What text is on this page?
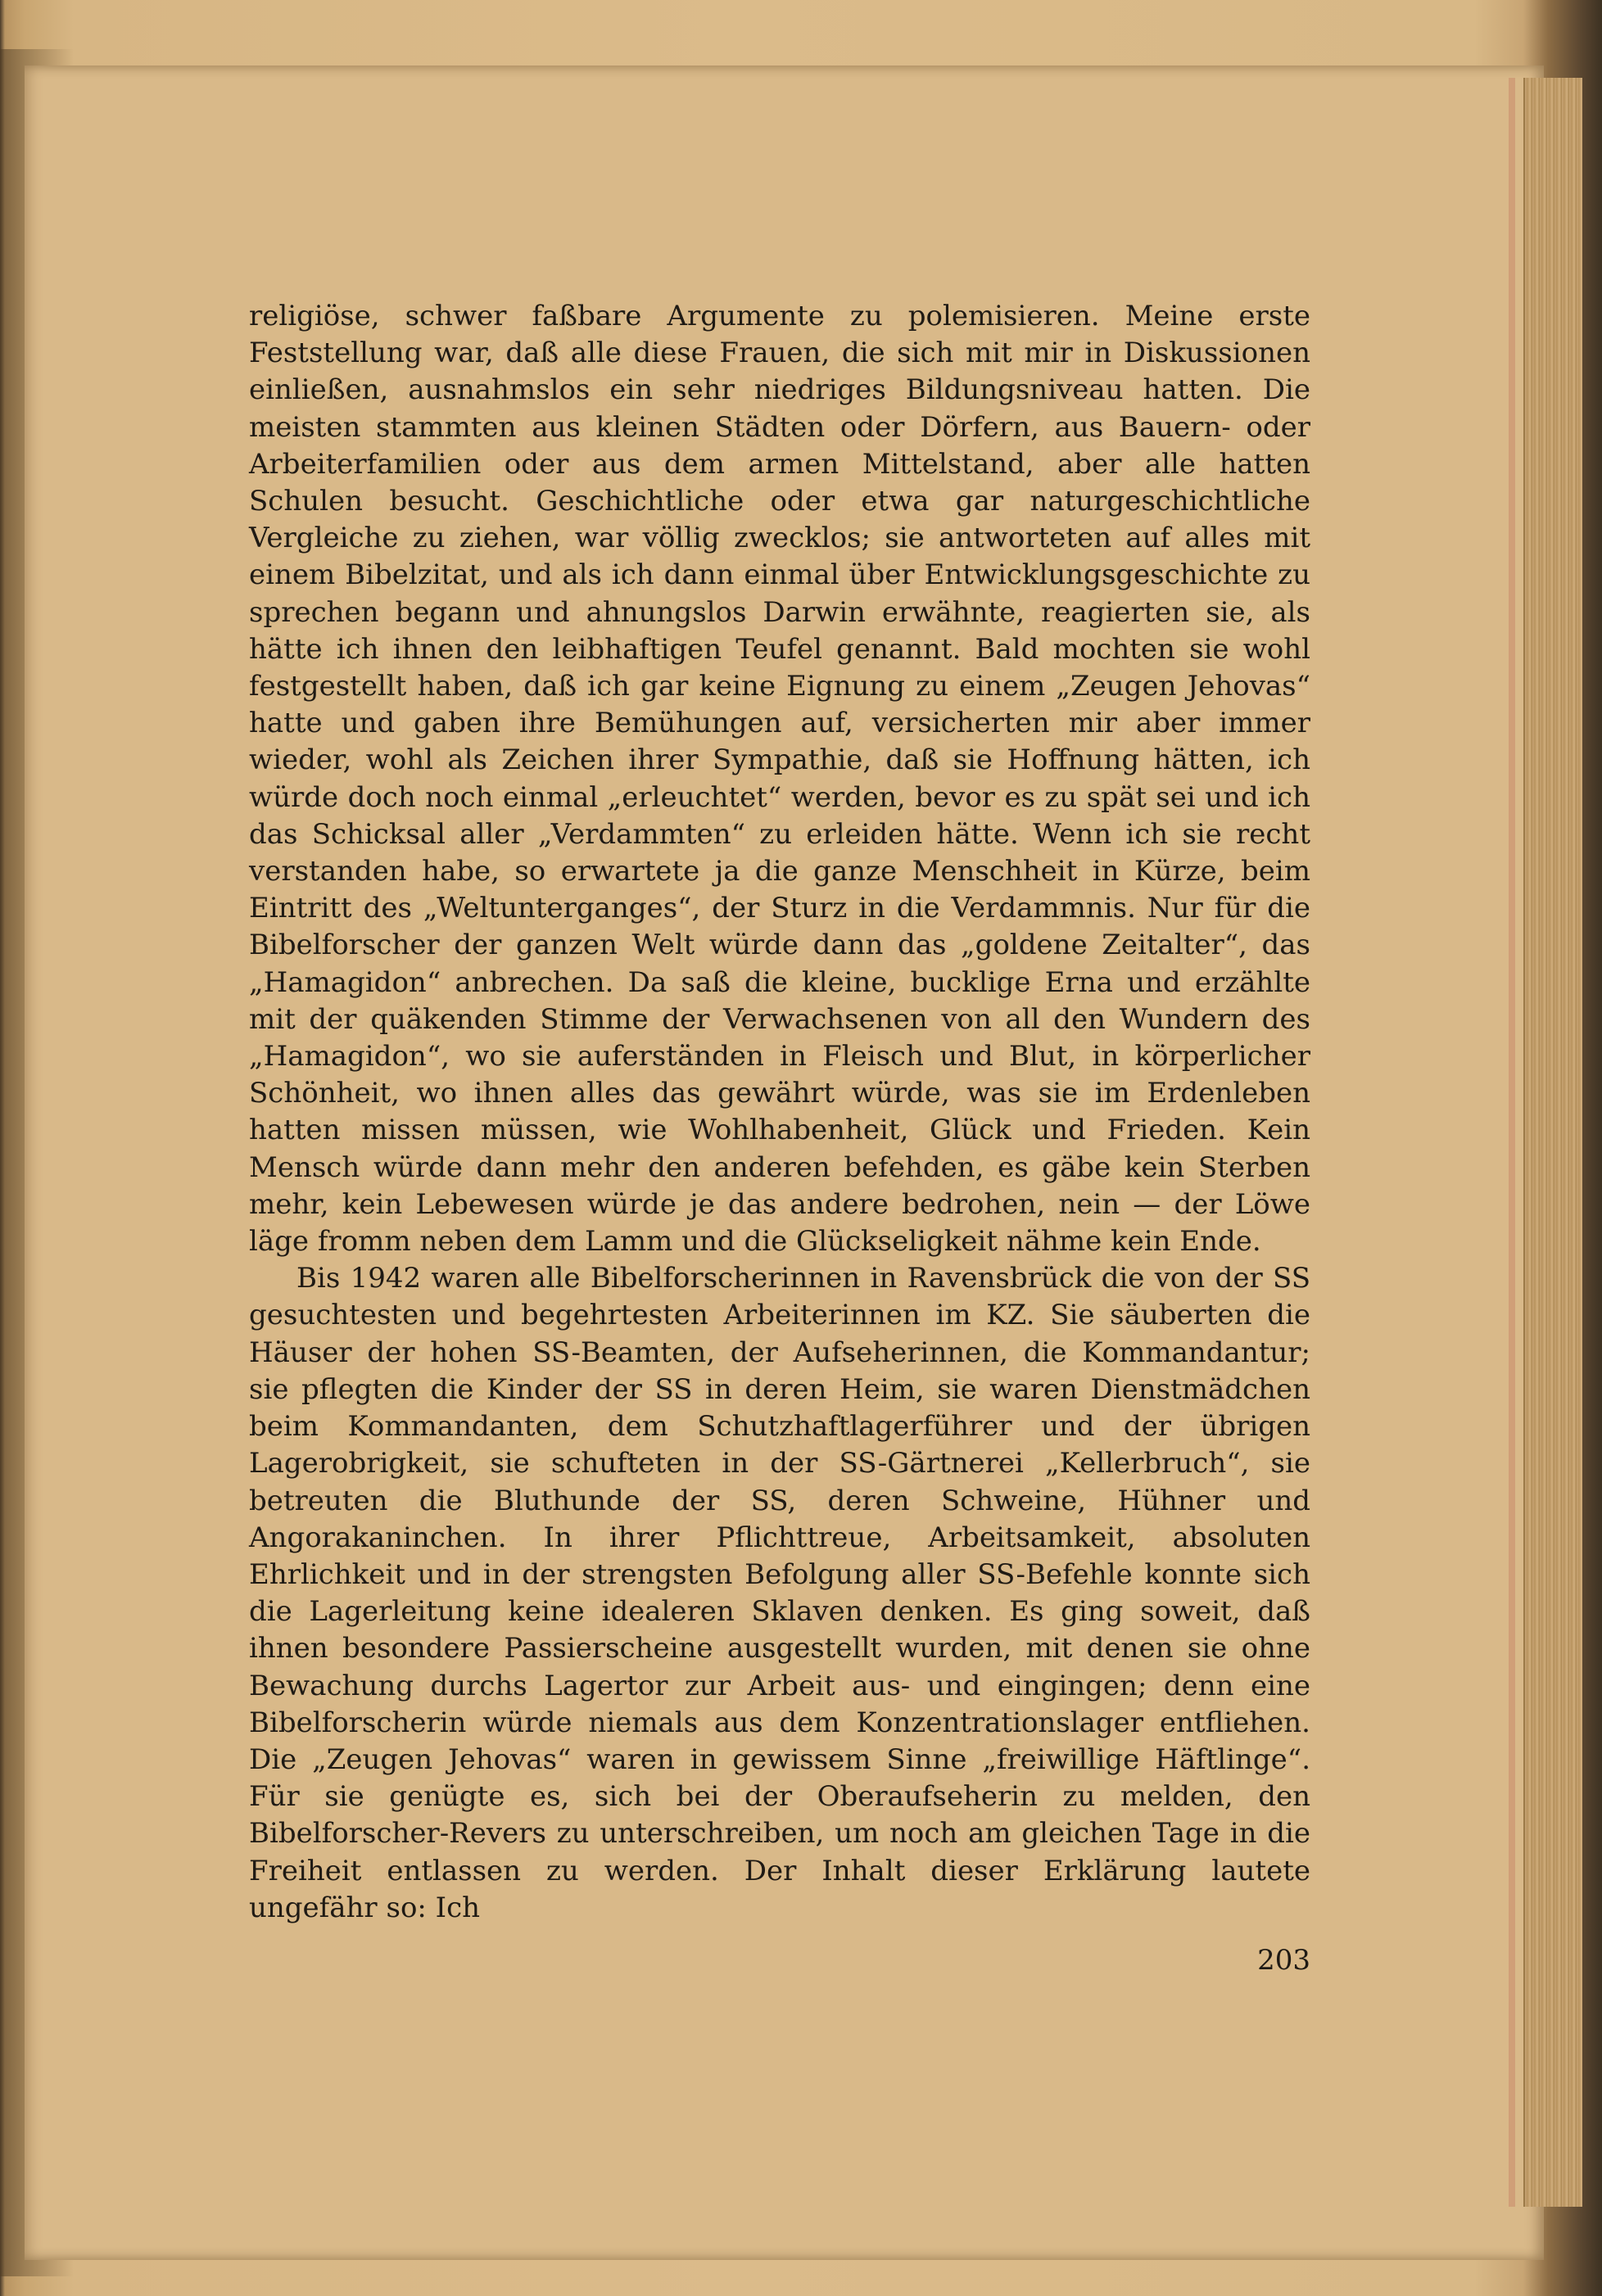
religiöse, schwer faßbare Argumente zu polemisieren. Meine erste Feststellung war, daß alle diese Frauen, die sich mit mir in Diskussionen einließen, ausnahmslos ein sehr niedriges Bildungsniveau hatten. Die meisten stammten aus kleinen Städten oder Dörfern, aus Bauern- oder Arbeiterfamilien oder aus dem armen Mittelstand, aber alle hatten Schulen besucht. Geschichtliche oder etwa gar naturgeschichtliche Vergleiche zu ziehen, war völlig zwecklos; sie antworteten auf alles mit einem Bibelzitat, und als ich dann einmal über Entwicklungsgeschichte zu sprechen begann und ahnungslos Darwin erwähnte, reagierten sie, als hätte ich ihnen den leibhaftigen Teufel genannt. Bald mochten sie wohl festgestellt haben, daß ich gar keine Eignung zu einem „Zeugen Jehovas“ hatte und gaben ihre Bemühungen auf, versicherten mir aber immer wieder, wohl als Zeichen ihrer Sympathie, daß sie Hoffnung hätten, ich würde doch noch einmal „erleuchtet“ werden, bevor es zu spät sei und ich das Schicksal aller „Verdammten“ zu erleiden hätte. Wenn ich sie recht verstanden habe, so erwartete ja die ganze Menschheit in Kürze, beim Eintritt des „Weltunterganges“, der Sturz in die Verdammnis. Nur für die Bibelforscher der ganzen Welt würde dann das „goldene Zeitalter“, das „Hamagidon“ anbrechen. Da saß die kleine, bucklige Erna und erzählte mit der quäkenden Stimme der Verwachsenen von all den Wundern des „Hamagidon“, wo sie auferständen in Fleisch und Blut, in körperlicher Schönheit, wo ihnen alles das gewährt würde, was sie im Erdenleben hatten missen müssen, wie Wohlhabenheit, Glück und Frieden. Kein Mensch würde dann mehr den anderen befehden, es gäbe kein Sterben mehr, kein Lebewesen würde je das andere bedrohen, nein — der Löwe läge fromm neben dem Lamm und die Glückseligkeit nähme kein Ende.

Bis 1942 waren alle Bibelforscherinnen in Ravensbrück die von der SS gesuchtesten und begehrtesten Arbeiterinnen im KZ. Sie säuberten die Häuser der hohen SS-Beamten, der Aufseherinnen, die Kommandantur; sie pflegten die Kinder der SS in deren Heim, sie waren Dienstmädchen beim Kommandanten, dem Schutzhaftlagerführer und der übrigen Lagerobrigkeit, sie schufteten in der SS-Gärtnerei „Kellerbruch“, sie betreuten die Bluthunde der SS, deren Schweine, Hühner und Angorakaninchen. In ihrer Pflichttreue, Arbeitsamkeit, absoluten Ehrlichkeit und in der strengsten Befolgung aller SS-Befehle konnte sich die Lagerleitung keine idealeren Sklaven denken. Es ging soweit, daß ihnen besondere Passierscheine ausgestellt wurden, mit denen sie ohne Bewachung durchs Lagertor zur Arbeit aus- und eingingen; denn eine Bibelforscherin würde niemals aus dem Konzentrationslager entfliehen. Die „Zeugen Jehovas“ waren in gewissem Sinne „freiwillige Häftlinge“. Für sie genügte es, sich bei der Oberaufseherin zu melden, den Bibelforscher-Revers zu unterschreiben, um noch am gleichen Tage in die Freiheit entlassen zu werden. Der Inhalt dieser Erklärung lautete ungefähr so: Ich

203
